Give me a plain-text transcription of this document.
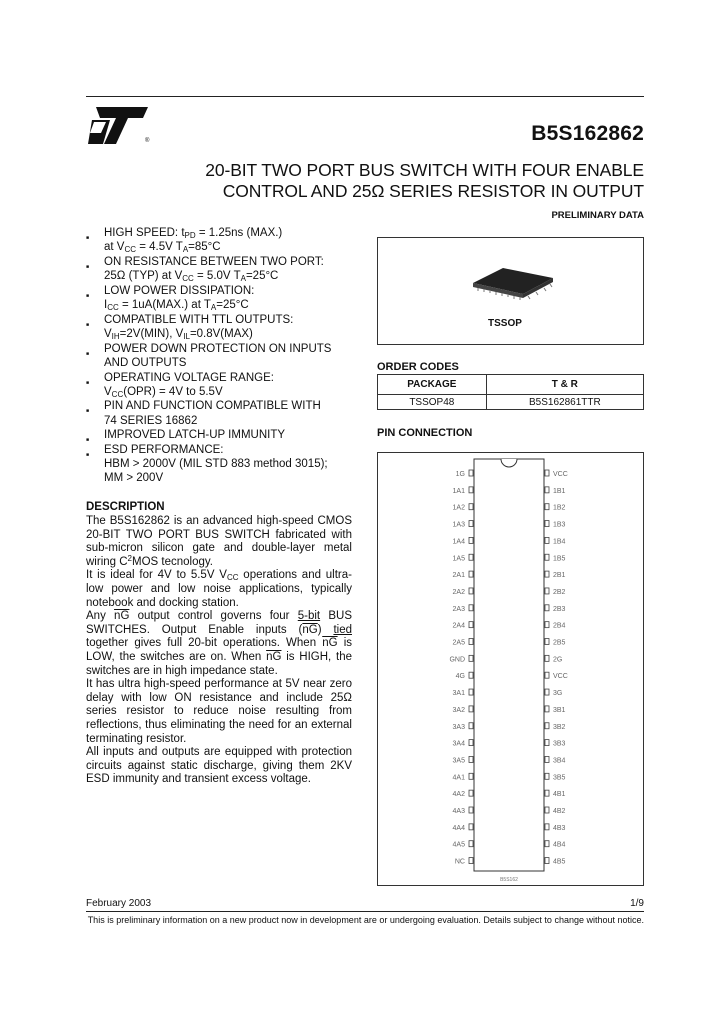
®	B5S162862
20-BIT TWO PORT BUS SWITCH WITH FOUR ENABLE
CONTROL AND 25Ω SERIES RESISTOR IN OUTPUT
PRELIMINARY DATA
■ HIGH SPEED: $t_{PD} = 1.25ns$ (MAX.)
at $V_{CC} = 4.5V$ $T_A=85^\circ C$
■ ON RESISTANCE BETWEEN TWO PORT:
25Ω (TYP) at $V_{CC} = 5.0V$ $T_A=25^\circ C$
■ LOW POWER DISSIPATION:
$I_{CC} = 1uA(MAX.)$ at $T_A=25^\circ C$
■ COMPATIBLE WITH TTL OUTPUTS:
$V_{IH}=2V(MIN)$, $V_{IL}=0.8V(MAX)$
■ POWER DOWN PROTECTION ON INPUTS
AND OUTPUTS
■ OPERATING VOLTAGE RANGE:
$V_{CC}(OPR) = 4V$ to 5.5V
■ PIN AND FUNCTION COMPATIBLE WITH
74 SERIES 16862
■ IMPROVED LATCH-UP IMMUNITY
■ ESD PERFORMANCE:
HBM > 2000V (MIL STD 883 method 3015);
MM > 200V
DESCRIPTION

The B5S162862 is an advanced high-speed CMOS 20-BIT TWO PORT BUS SWITCH fabricated with sub-micron silicon gate and double-layer metal wiring $C^2MOS$ tecnology.

It is ideal for 4V to 5.5V $V_{CC}$ operations and ultra-low power and low noise applications, typically notebook and docking station.

Any $\overline{nG}$ output control governs four 5-bit BUS SWITCHES. Output Enable inputs $(\overline{nG})$ tied together gives full 20-bit operations. When $\overline{nG}$ is LOW, the switches are on. When $\overline{nG}$ is HIGH, the switches are in high impedance state.

It has ultra high-speed performance at 5V near zero delay with low ON resistance and include 25Ω series resistor to reduce noise resulting from reflections, thus eliminating the need for an external terminating resistor.

All inputs and outputs are equipped with protection circuits against static discharge, giving them 2KV ESD immunity and transient excess voltage.

TSSOP
ORDER CODES
PACKAGE	T & R
TSSOP48	B5S162861TTR
PIN CONNECTION
1G	VCC
1A1	1B1
1A2	1B2
1A3	1B3
1A4	1B4
1A5	1B5
2A1	2B1
2A2	2B2
2A3	2B3
2A4	2B4
2A5	2B5
GND	2G
4G	VCC
3A1	3G
3A2	3B1
3A3	3B2
3A4	3B3
3A5	3B4
4A1	3B5
4A2	4B1
4A3	4B2
4A4	4B3
4A5	4B4
NC	4B5
B5S162
February 2003	1/9
This is preliminary information on a new product now in development are or undergoing evaluation. Details subject to change without notice.
